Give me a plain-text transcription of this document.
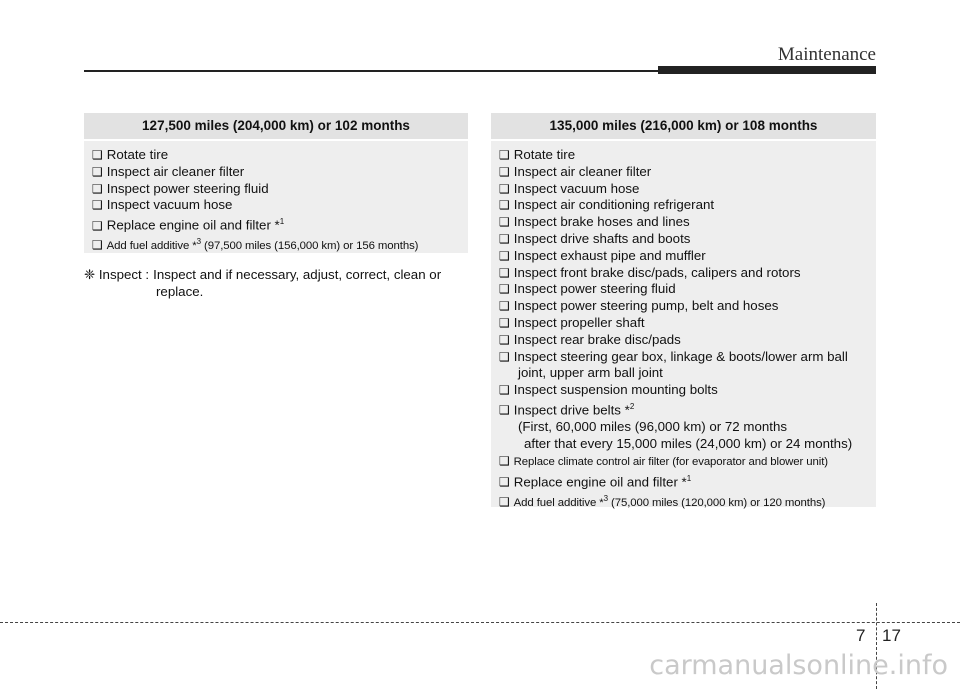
Maintenance
127,500 miles (204,000 km) or 102 months
❑ Rotate tire
❑ Inspect air cleaner filter
❑ Inspect power steering fluid
❑ Inspect vacuum hose
❑ Replace engine oil and filter *$^1$
❑ Add fuel additive *$^3$ (97,500 miles (156,000 km) or 156 months)
❈ Inspect : Inspect and if necessary, adjust, correct, clean or
replace.
135,000 miles (216,000 km) or 108 months
❑ Rotate tire
❑ Inspect air cleaner filter
❑ Inspect vacuum hose
❑ Inspect air conditioning refrigerant
❑ Inspect brake hoses and lines
❑ Inspect drive shafts and boots
❑ Inspect exhaust pipe and muffler
❑ Inspect front brake disc/pads, calipers and rotors
❑ Inspect power steering fluid
❑ Inspect power steering pump, belt and hoses
❑ Inspect propeller shaft
❑ Inspect rear brake disc/pads
❑ Inspect steering gear box, linkage & boots/lower arm ball
joint, upper arm ball joint
❑ Inspect suspension mounting bolts
❑ Inspect drive belts *$^2$
(First, 60,000 miles (96,000 km) or 72 months
after that every 15,000 miles (24,000 km) or 24 months)
❑ Replace climate control air filter (for evaporator and blower unit)
❑ Replace engine oil and filter *$^1$
❑ Add fuel additive *$^3$ (75,000 miles (120,000 km) or 120 months)
7 17
carmanualsonline.info
